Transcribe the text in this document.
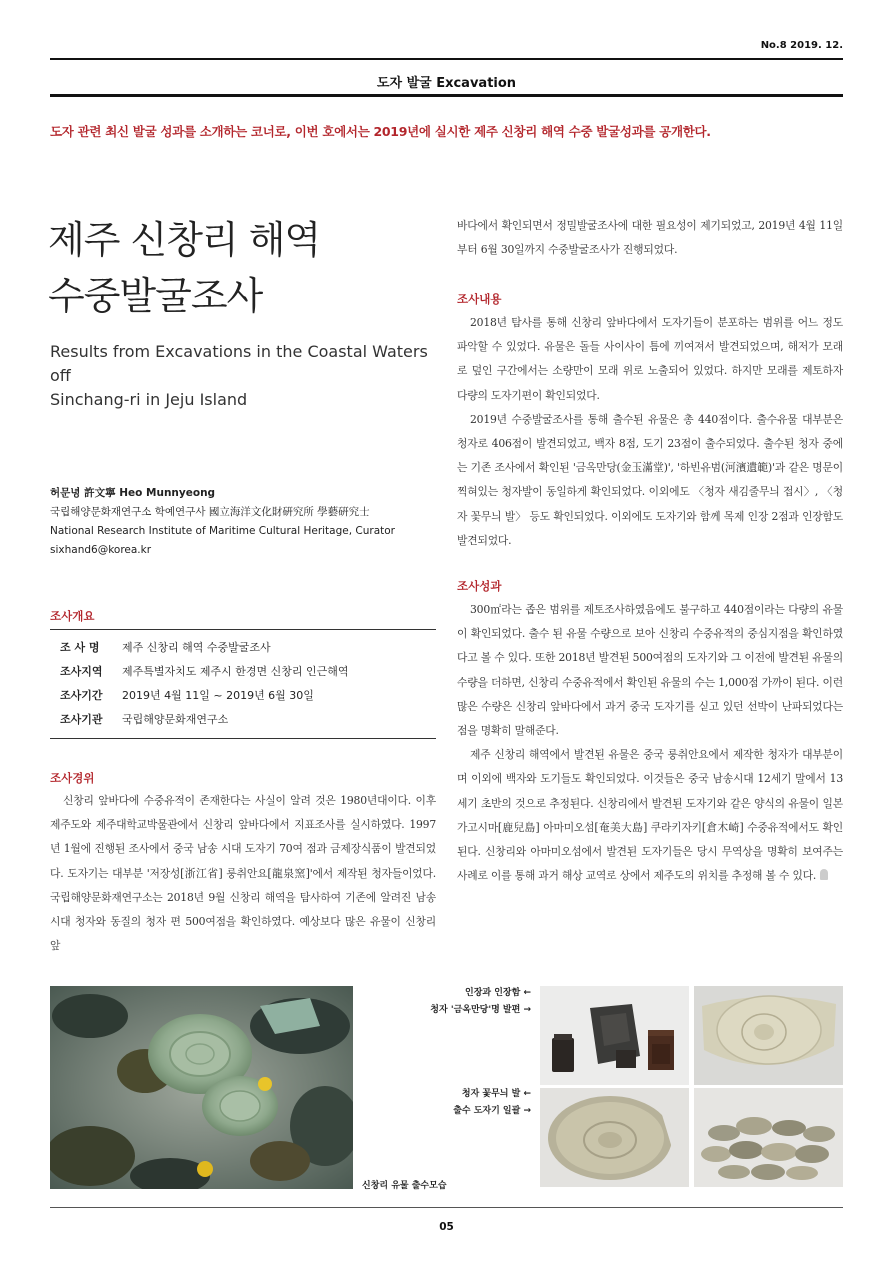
No.8 2019. 12.
도자 발굴 Excavation
도자 관련 최신 발굴 성과를 소개하는 코너로, 이번 호에서는 2019년에 실시한 제주 신창리 해역 수중 발굴성과를 공개한다.
제주 신창리 해역
수중발굴조사
Results from Excavations in the Coastal Waters off
Sinchang-ri in Jeju Island
허문녕 許文寧 Heo Munnyeong
국립해양문화재연구소 학예연구사 國立海洋文化財硏究所 學藝硏究士
National Research Institute of Maritime Cultural Heritage, Curator
sixhand6@korea.kr
조사개요
조 사 명	제주 신창리 해역 수중발굴조사
조사지역	제주특별자치도 제주시 한경면 신창리 인근해역
조사기간	2019년 4월 11일 ~ 2019년 6월 30일
조사기관	국립해양문화재연구소
조사경위
신창리 앞바다에 수중유적이 존재한다는 사실이 알려 것은 1980년대이다. 이후 제주도와 제주대학교박물관에서 신창리 앞바다에서 지표조사를 실시하였다. 1997년 1월에 진행된 조사에서 중국 남송 시대 도자기 70여 점과 금제장식품이 발견되었다. 도자기는 대부분 '저장성[浙江省] 룽취안요[龍泉窯]'에서 제작된 청자들이었다. 국립해양문화재연구소는 2018년 9월 신창리 해역을 탐사하여 기존에 알려진 남송시대 청자와 동질의 청자 편 500여점을 확인하였다. 예상보다 많은 유물이 신창리 앞
바다에서 확인되면서 정밀발굴조사에 대한 필요성이 제기되었고, 2019년 4월 11일부터 6월 30일까지 수중발굴조사가 진행되었다.
조사내용

2018년 탐사를 통해 신창리 앞바다에서 도자기들이 분포하는 범위를 어느 정도 파악할 수 있었다. 유물은 돌들 사이사이 틈에 끼여져서 발견되었으며, 해저가 모래로 덮인 구간에서는 소량만이 모래 위로 노출되어 있었다. 하지만 모래를 제토하자 다량의 도자기편이 확인되었다.

2019년 수중발굴조사를 통해 출수된 유물은 총 440점이다. 출수유물 대부분은 청자로 406점이 발견되었고, 백자 8점, 도기 23점이 출수되었다. 출수된 청자 중에는 기존 조사에서 확인된 '금옥만당(金玉滿堂)', '하빈유범(河濱遺範)'과 같은 명문이 찍혀있는 청자발이 동일하게 확인되었다. 이외에도 〈청자 새김줄무늬 접시〉, 〈청자 꽃무늬 발〉 등도 확인되었다. 이외에도 도자기와 함께 목제 인장 2점과 인장함도 발견되었다.

조사성과

300㎡라는 좁은 범위를 제토조사하였음에도 불구하고 440점이라는 다량의 유물이 확인되었다. 출수 된 유물 수량으로 보아 신창리 수중유적의 중심지점을 확인하였다고 볼 수 있다. 또한 2018년 발견된 500여점의 도자기와 그 이전에 발견된 유물의 수량을 더하면, 신창리 수중유적에서 확인된 유물의 수는 1,000점 가까이 된다. 이런 많은 수량은 신창리 앞바다에서 과거 중국 도자기를 싣고 있던 선박이 난파되었다는 점을 명확히 말해준다.

제주 신창리 해역에서 발견된 유물은 중국 룽취안요에서 제작한 청자가 대부분이며 이외에 백자와 도기들도 확인되었다. 이것들은 중국 남송시대 12세기 말에서 13세기 초반의 것으로 추정된다. 신창리에서 발견된 도자기와 같은 양식의 유물이 일본 가고시마[鹿兒島] 아마미오섬[奄美大島] 쿠라키자키[倉木崎] 수중유적에서도 확인된다. 신창리와 아마미오섬에서 발견된 도자기들은 당시 무역상을 명확히 보여주는 사례로 이를 통해 과거 해상 교역로 상에서 제주도의 위치를 추정해 볼 수 있다.

신창리 유물 출수모습
인장과 인장함 ←
청자 '금옥만당'명 발편 →
청자 꽃무늬 발 ←
출수 도자기 일괄 →
05
